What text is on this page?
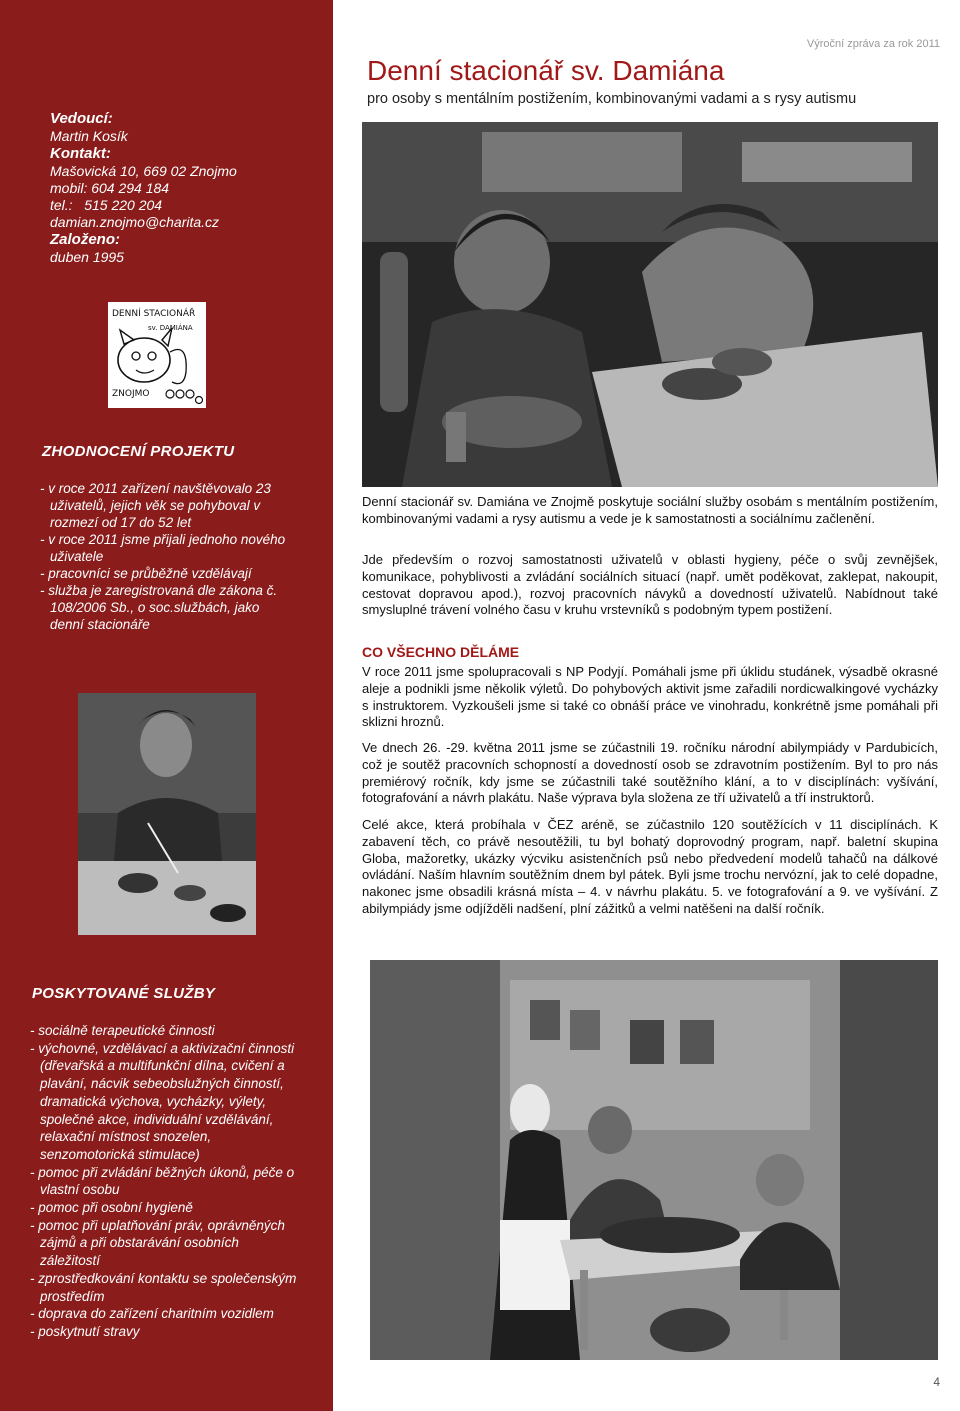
Vedoucí:
Martin Kosík
Kontakt:
Mašovická 10, 669 02 Znojmo
mobil: 604 294 184
tel.:   515 220 204
damian.znojmo@charita.cz
Založeno:
duben 1995
DENNÍ STACIONÁŘ
sv. DAMIÁNA
ZNOJMO
ZHODNOCENÍ PROJEKTU
- v roce 2011 zařízení navštěvovalo 23 uživatelů, jejich věk se pohyboval v rozmezí od 17 do 52 let
- v roce 2011 jsme přijali jednoho nového uživatele
- pracovníci se průběžně vzdělávají
- služba je zaregistrovaná dle zákona č. 108/2006 Sb., o soc.službách, jako denní stacionáře
POSKYTOVANÉ SLUŽBY
- sociálně terapeutické činnosti
- výchovné, vzdělávací a aktivizační činnosti (dřevařská a multifunkční dílna, cvičení a plavání, nácvik sebeobslužných činností, dramatická výchova, vycházky, výlety, společné akce, individuální vzdělávání, relaxační místnost snozelen, senzomotorická stimulace)
- pomoc při zvládání běžných úkonů, péče o vlastní osobu
- pomoc při osobní hygieně
- pomoc při uplatňování práv, oprávněných zájmů a při obstarávání osobních záležitostí
- zprostředkování kontaktu se společenským prostředím
- doprava do zařízení charitním vozidlem
- poskytnutí stravy
Výroční zpráva za rok 2011
Denní stacionář sv. Damiána
pro osoby s mentálním postižením, kombinovanými vadami a s rysy autismu

Denní stacionář sv. Damiána ve Znojmě poskytuje sociální služby osobám s mentálním postižením, kombinovanými vadami a rysy autismu a vede je k samostatnosti a sociálnímu začlenění.

Jde především o rozvoj samostatnosti uživatelů v oblasti hygieny, péče o svůj zevnějšek, komunikace, pohyblivosti a zvládání sociálních situací (např. umět poděkovat, zaklepat, nakoupit, cestovat dopravou apod.), rozvoj pracovních návyků a dovedností uživatelů. Nabídnout také smysluplné trávení volného času v kruhu vrstevníků s podobným typem postižení.

CO VŠECHNO DĚLÁME

V roce 2011 jsme spolupracovali s NP Podyjí. Pomáhali jsme při úklidu studánek, výsadbě okrasné aleje a podnikli jsme několik výletů. Do pohybových aktivit jsme zařadili nordicwalkingové vycházky s instruktorem. Vyzkoušeli jsme si také co obnáší práce ve vinohradu, konkrétně jsme pomáhali při sklizni hroznů.

Ve dnech 26. -29. května 2011 jsme se zúčastnili 19. ročníku národní abilympiády v Pardubicích, což je soutěž pracovních schopností a dovedností osob se zdravotním postižením. Byl to pro nás premiérový ročník, kdy jsme se zúčastnili také soutěžního klání, a to v disciplínách: vyšívání, fotografování a návrh plakátu. Naše výprava byla složena ze tří uživatelů a tří instruktorů.

Celé akce, která probíhala v ČEZ aréně, se zúčastnilo 120 soutěžících v 11 disciplínách. K zabavení těch, co právě nesoutěžili, tu byl bohatý doprovodný program, např. baletní skupina Globa, mažoretky, ukázky výcviku asistenčních psů nebo předvedení modelů tahačů na dálkové ovládání. Naším hlavním soutěžním dnem byl pátek. Byli jsme trochu nervózní, jak to celé dopadne, nakonec jsme obsadili krásná místa – 4. v návrhu plakátu. 5. ve fotografování a 9. ve vyšívání. Z abilympiády jsme odjížděli nadšení, plní zážitků a velmi natěšeni na další ročník.

4
